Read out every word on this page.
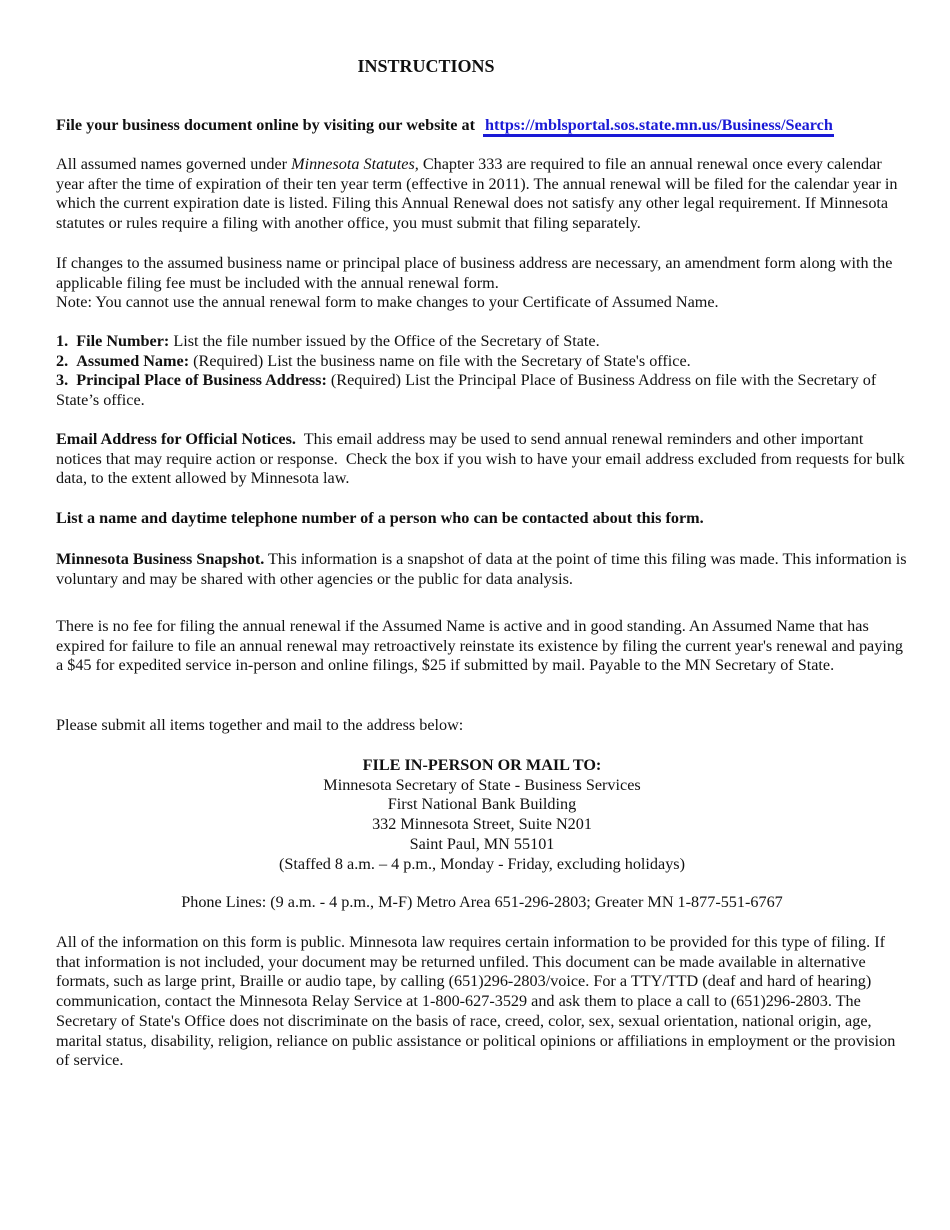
INSTRUCTIONS

File your business document online by visiting our website at https://mblsportal.sos.state.mn.us/Business/Search

All assumed names governed under Minnesota Statutes, Chapter 333 are required to file an annual renewal once every calendar year after the time of expiration of their ten year term (effective in 2011). The annual renewal will be filed for the calendar year in which the current expiration date is listed. Filing this Annual Renewal does not satisfy any other legal requirement. If Minnesota statutes or rules require a filing with another office, you must submit that filing separately.

If changes to the assumed business name or principal place of business address are necessary, an amendment form along with the applicable filing fee must be included with the annual renewal form.
Note: You cannot use the annual renewal form to make changes to your Certificate of Assumed Name.

1. File Number: List the file number issued by the Office of the Secretary of State.
2. Assumed Name: (Required) List the business name on file with the Secretary of State's office.
3. Principal Place of Business Address: (Required) List the Principal Place of Business Address on file with the Secretary of State’s office.

Email Address for Official Notices.  This email address may be used to send annual renewal reminders and other important notices that may require action or response.  Check the box if you wish to have your email address excluded from requests for bulk data, to the extent allowed by Minnesota law.

List a name and daytime telephone number of a person who can be contacted about this form.

Minnesota Business Snapshot. This information is a snapshot of data at the point of time this filing was made. This information is voluntary and may be shared with other agencies or the public for data analysis.

There is no fee for filing the annual renewal if the Assumed Name is active and in good standing. An Assumed Name that has expired for failure to file an annual renewal may retroactively reinstate its existence by filing the current year's renewal and paying a $45 for expedited service in-person and online filings, $25 if submitted by mail. Payable to the MN Secretary of State.

Please submit all items together and mail to the address below:

FILE IN-PERSON OR MAIL TO:
Minnesota Secretary of State - Business Services
First National Bank Building
332 Minnesota Street, Suite N201
Saint Paul, MN 55101
(Staffed 8 a.m. – 4 p.m., Monday - Friday, excluding holidays)

Phone Lines: (9 a.m. - 4 p.m., M-F) Metro Area 651-296-2803; Greater MN 1-877-551-6767

All of the information on this form is public. Minnesota law requires certain information to be provided for this type of filing. If that information is not included, your document may be returned unfiled. This document can be made available in alternative formats, such as large print, Braille or audio tape, by calling (651)296-2803/voice. For a TTY/TTD (deaf and hard of hearing) communication, contact the Minnesota Relay Service at 1-800-627-3529 and ask them to place a call to (651)296-2803. The Secretary of State's Office does not discriminate on the basis of race, creed, color, sex, sexual orientation, national origin, age, marital status, disability, religion, reliance on public assistance or political opinions or affiliations in employment or the provision of service.
